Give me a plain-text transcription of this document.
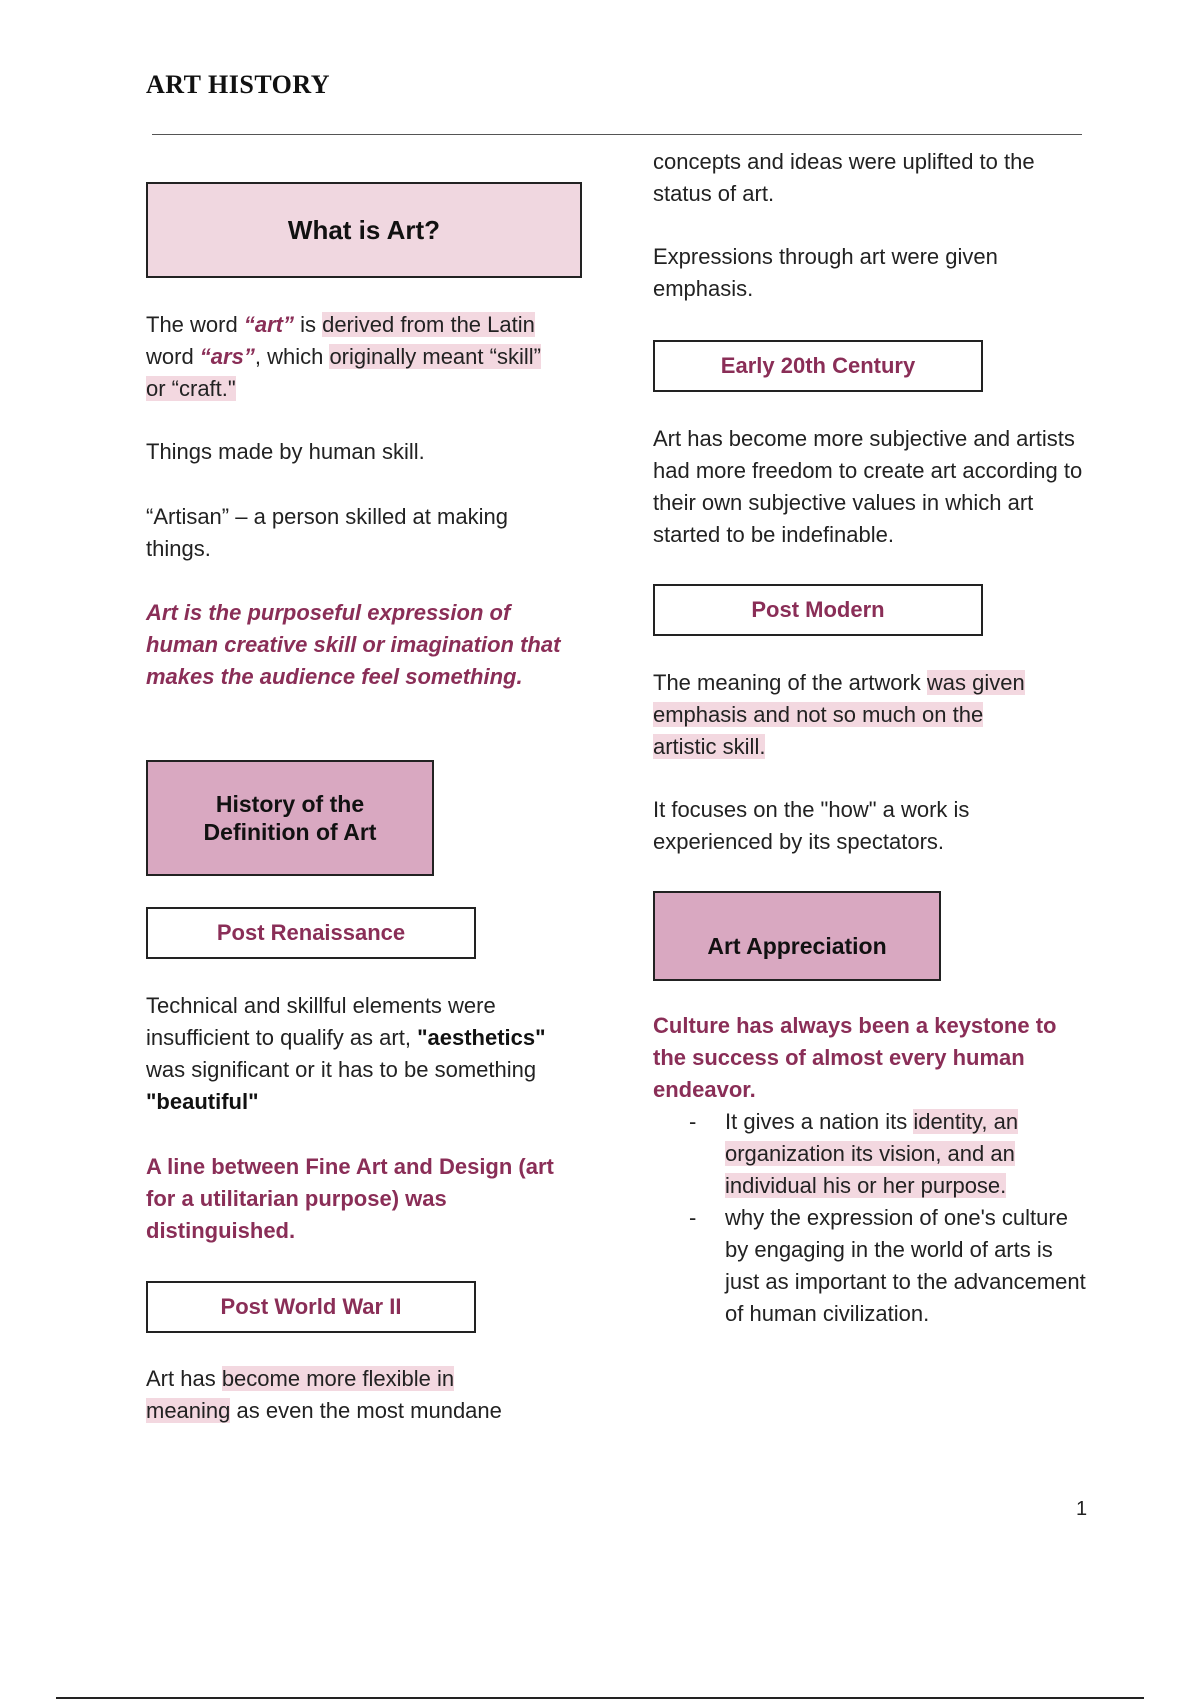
ART HISTORY
What is Art?

The word “art” is derived from the Latin
word “ars”, which originally meant “skill”
or “craft."

Things made by human skill.

“Artisan” – a person skilled at making things.

Art is the purposeful expression of human creative skill or imagination that makes the audience feel something.

History of the
Definition of Art
Post Renaissance

Technical and skillful elements were insufficient to qualify as art, "aesthetics" was significant or it has to be something "beautiful"

A line between Fine Art and Design (art for a utilitarian purpose) was distinguished.

Post World War II

Art has become more flexible in
meaning as even the most mundane

concepts and ideas were uplifted to the status of art.

Expressions through art were given emphasis.

Early 20th Century

Art has become more subjective and artists had more freedom to create art according to their own subjective values in which art started to be indefinable.

Post Modern

The meaning of the artwork was given
emphasis and not so much on the
artistic skill.

It focuses on the "how" a work is experienced by its spectators.

Art Appreciation

Culture has always been a keystone to the success of almost every human endeavor.

- It gives a nation its identity, an
organization its vision, and an
individual his or her purpose.
- why the expression of one's culture by engaging in the world of arts is just as important to the advancement of human civilization.
1
